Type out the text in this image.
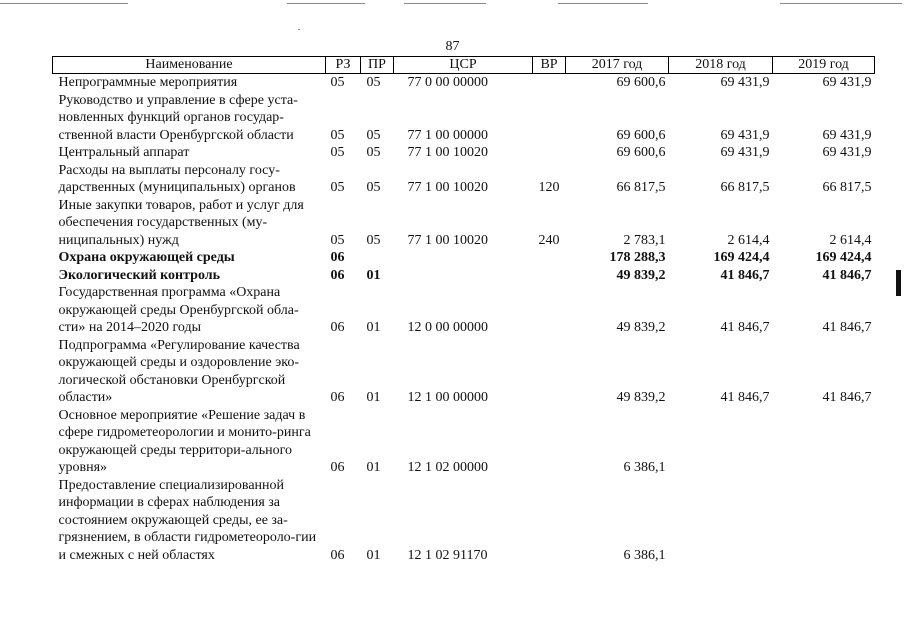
87
Наименование	РЗ	ПР	ЦСР	ВР	2017 год	2018 год	2019 год
Непрограммные мероприятия	05	05	77 0 00 00000		69 600,6	69 431,9	69 431,9
Руководство и управление в сфере уста-новленных функций органов государ-ственной власти Оренбургской области	05	05	77 1 00 00000		69 600,6	69 431,9	69 431,9
Центральный аппарат	05	05	77 1 00 10020		69 600,6	69 431,9	69 431,9
Расходы на выплаты персоналу госу-дарственных (муниципальных) органов	05	05	77 1 00 10020	120	66 817,5	66 817,5	66 817,5
Иные закупки товаров, работ и услуг для обеспечения государственных (му-ниципальных) нужд	05	05	77 1 00 10020	240	2 783,1	2 614,4	2 614,4
Охрана окружающей среды	06				178 288,3	169 424,4	169 424,4
Экологический контроль	06	01			49 839,2	41 846,7	41 846,7
Государственная программа «Охрана окружающей среды Оренбургской обла-сти» на 2014–2020 годы	06	01	12 0 00 00000		49 839,2	41 846,7	41 846,7
Подпрограмма «Регулирование качества окружающей среды и оздоровление эко-логической обстановки Оренбургской области»	06	01	12 1 00 00000		49 839,2	41 846,7	41 846,7
Основное мероприятие «Решение задач в сфере гидрометеорологии и монито-ринга окружающей среды территори-ального уровня»	06	01	12 1 02 00000		6 386,1		
Предоставление специализированной информации в сферах наблюдения за состоянием окружающей среды, ее за-грязнением, в области гидрометеороло-гии и смежных с ней областях	06	01	12 1 02 91170		6 386,1		
